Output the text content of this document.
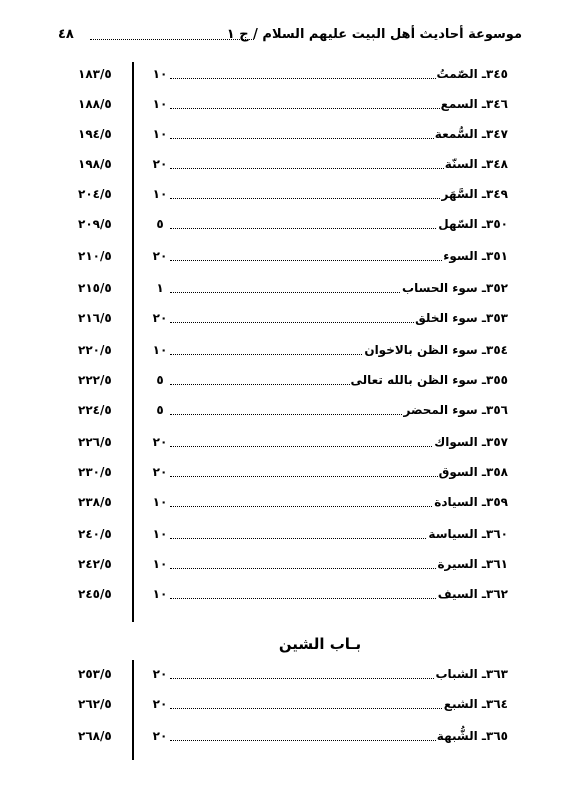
موسوعة أحاديث أهل البيت عليهم السلام / ج ١
٤٨
٣٤٥ـ الصّمتُ
١٠
١٨٣/٥
٣٤٦ـ السمع
١٠
١٨٨/٥
٣٤٧ـ السُّمعة
١٠
١٩٤/٥
٣٤٨ـ السنّة
٢٠
١٩٨/٥
٣٤٩ـ السَّهَر
١٠
٢٠٤/٥
٣٥٠ـ السّهل
٥
٢٠٩/٥
٣٥١ـ السوء
٢٠
٢١٠/٥
٣٥٢ـ سوء الحساب
١
٢١٥/٥
٣٥٣ـ سوء الخلق
٢٠
٢١٦/٥
٣٥٤ـ سوء الظن بالاخوان
١٠
٢٢٠/٥
٣٥٥ـ سوء الظن بالله تعالى
٥
٢٢٢/٥
٣٥٦ـ سوء المحضر
٥
٢٢٤/٥
٣٥٧ـ السواك
٢٠
٢٢٦/٥
٣٥٨ـ السوق
٢٠
٢٣٠/٥
٣٥٩ـ السيادة
١٠
٢٣٨/٥
٣٦٠ـ السياسة
١٠
٢٤٠/٥
٣٦١ـ السيرة
١٠
٢٤٢/٥
٣٦٢ـ السيف
١٠
٢٤٥/٥
بـاب الشين
٣٦٣ـ الشباب
٢٠
٢٥٣/٥
٣٦٤ـ الشبع
٢٠
٢٦٢/٥
٣٦٥ـ الشُّبهة
٢٠
٢٦٨/٥
